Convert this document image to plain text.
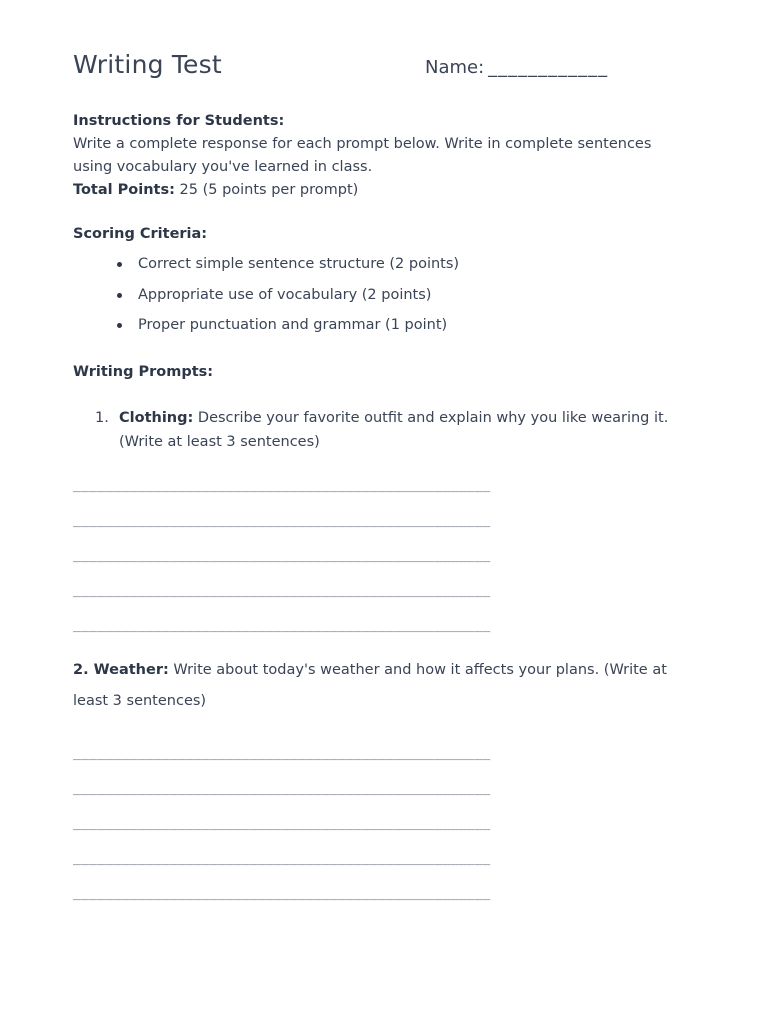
Writing Test	Name: ____________
Instructions for Students:
Write a complete response for each prompt below. Write in complete sentences using vocabulary you've learned in class.
Total Points: 25 (5 points per prompt)
Scoring Criteria:
Correct simple sentence structure (2 points)
Appropriate use of vocabulary (2 points)
Proper punctuation and grammar (1 point)
Writing Prompts:
1. Clothing: Describe your favorite outfit and explain why you like wearing it. (Write at least 3 sentences)
____________________________________________________
____________________________________________________
____________________________________________________
____________________________________________________
____________________________________________________
2. Weather: Write about today's weather and how it affects your plans. (Write at least 3 sentences)
____________________________________________________
____________________________________________________
____________________________________________________
____________________________________________________
____________________________________________________
